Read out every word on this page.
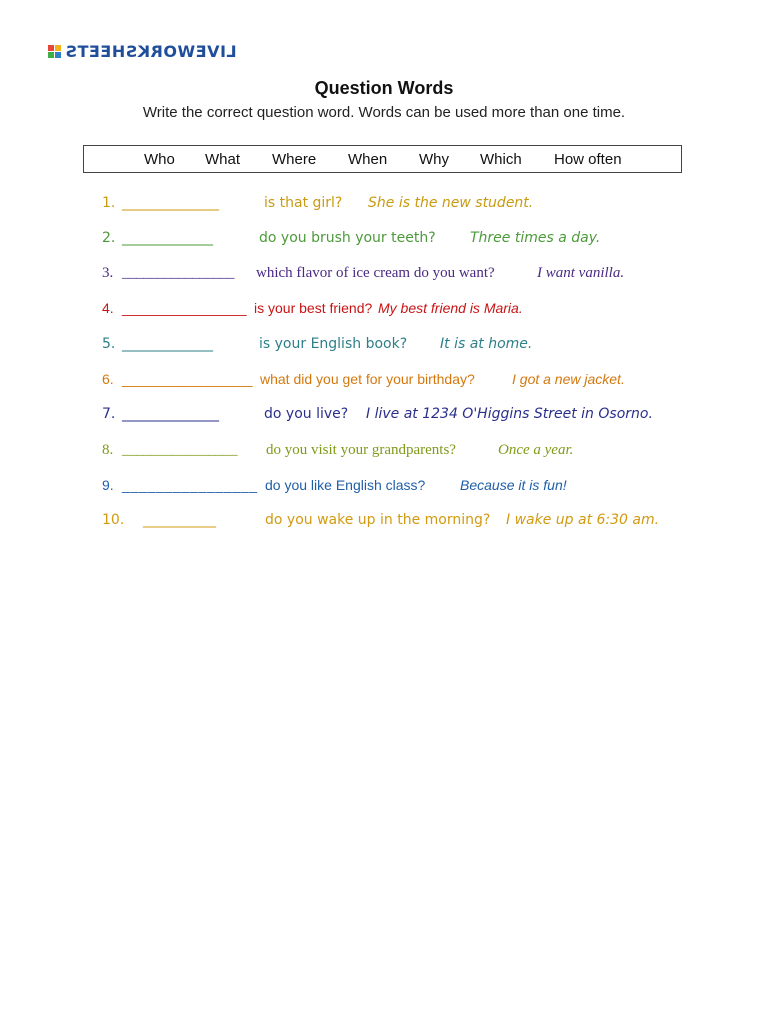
LIVEWORKSHEETS
Question Words
Write the correct question word. Words can be used more than one time.
Who What Where When Why Which How often
1. ________________	is that girl? She is the new student.
2. ________________	do you brush your teeth? Three times a day.
3. ________________ which flavor of ice cream do you want?	I want vanilla.
4. ________________ is your best friend? My best friend is Maria.
5. ________________	is your English book? It is at home.
6. ________________ what did you get for your birthday?	I got a new jacket.
7. ________________	do you live? I live at 1234 O'Higgins Street in Osorno.
8. ________________ do you visit your grandparents?	Once a year.
9. ________________ do you like English class? Because it is fun!
10. _____________	do you wake up in the morning? I wake up at 6:30 am.
